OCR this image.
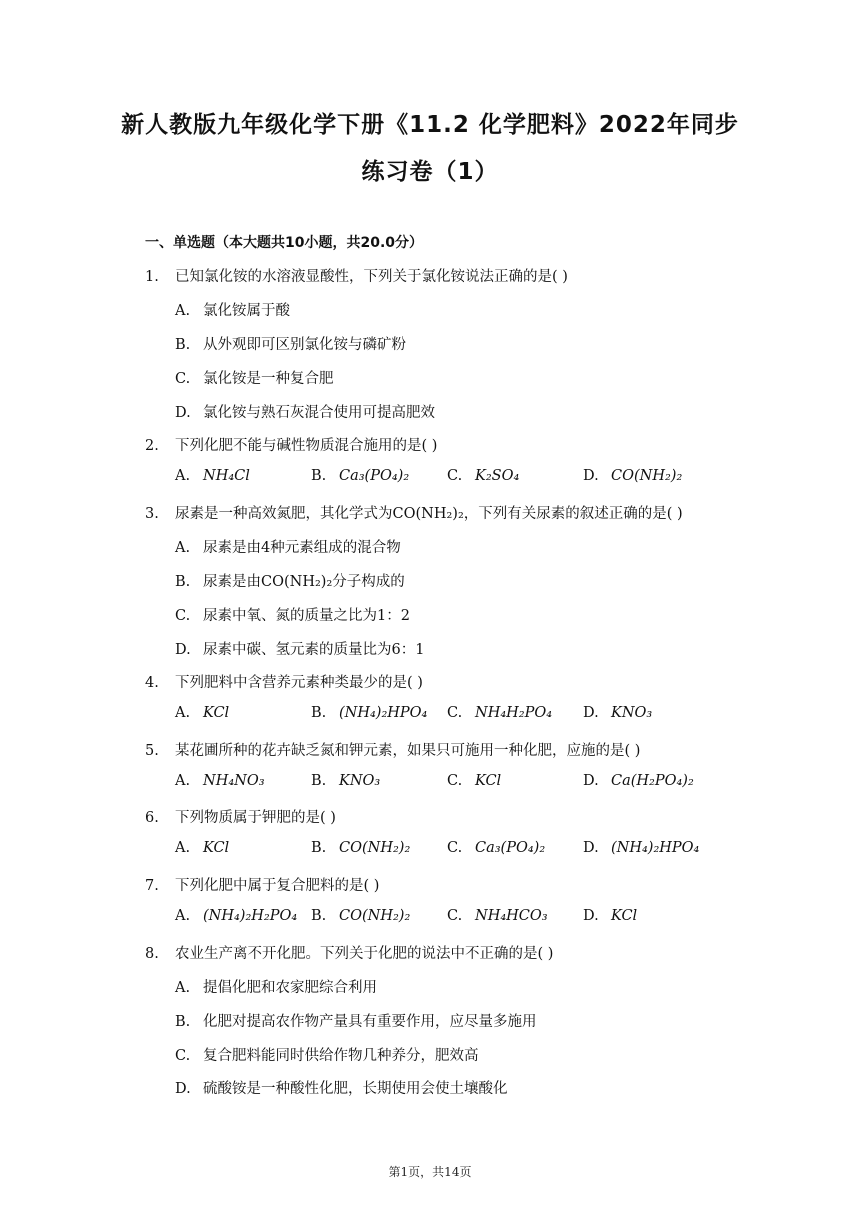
新人教版九年级化学下册《11.2 化学肥料》2022年同步
练习卷（1）
一、单选题（本大题共10小题，共20.0分）
1. 已知氯化铵的水溶液显酸性，下列关于氯化铵说法正确的是( )
A. 氯化铵属于酸
B. 从外观即可区别氯化铵与磷矿粉
C. 氯化铵是一种复合肥
D. 氯化铵与熟石灰混合使用可提高肥效
2. 下列化肥不能与碱性物质混合施用的是( )
A. NH₄Cl	B. Ca₃(PO₄)₂	C. K₂SO₄	D. CO(NH₂)₂
3. 尿素是一种高效氮肥，其化学式为CO(NH₂)₂，下列有关尿素的叙述正确的是( )
A. 尿素是由4种元素组成的混合物
B. 尿素是由CO(NH₂)₂分子构成的
C. 尿素中氧、氮的质量之比为1：2
D. 尿素中碳、氢元素的质量比为6：1
4. 下列肥料中含营养元素种类最少的是( )
A. KCl	B. (NH₄)₂HPO₄ C. NH₄H₂PO₄ D. KNO₃
5. 某花圃所种的花卉缺乏氮和钾元素，如果只可施用一种化肥，应施的是( )
A. NH₄NO₃	B. KNO₃	C. KCl	D. Ca(H₂PO₄)₂
6. 下列物质属于钾肥的是( )
A. KCl	B. CO(NH₂)₂	C. Ca₃(PO₄)₂	D. (NH₄)₂HPO₄
7. 下列化肥中属于复合肥料的是( )
A. (NH₄)₂H₂PO₄ B. CO(NH₂)₂	C. NH₄HCO₃ D. KCl
8. 农业生产离不开化肥。下列关于化肥的说法中不正确的是( )
A. 提倡化肥和农家肥综合利用
B. 化肥对提高农作物产量具有重要作用，应尽量多施用
C. 复合肥料能同时供给作物几种养分，肥效高
D. 硫酸铵是一种酸性化肥，长期使用会使土壤酸化
第1页，共14页
